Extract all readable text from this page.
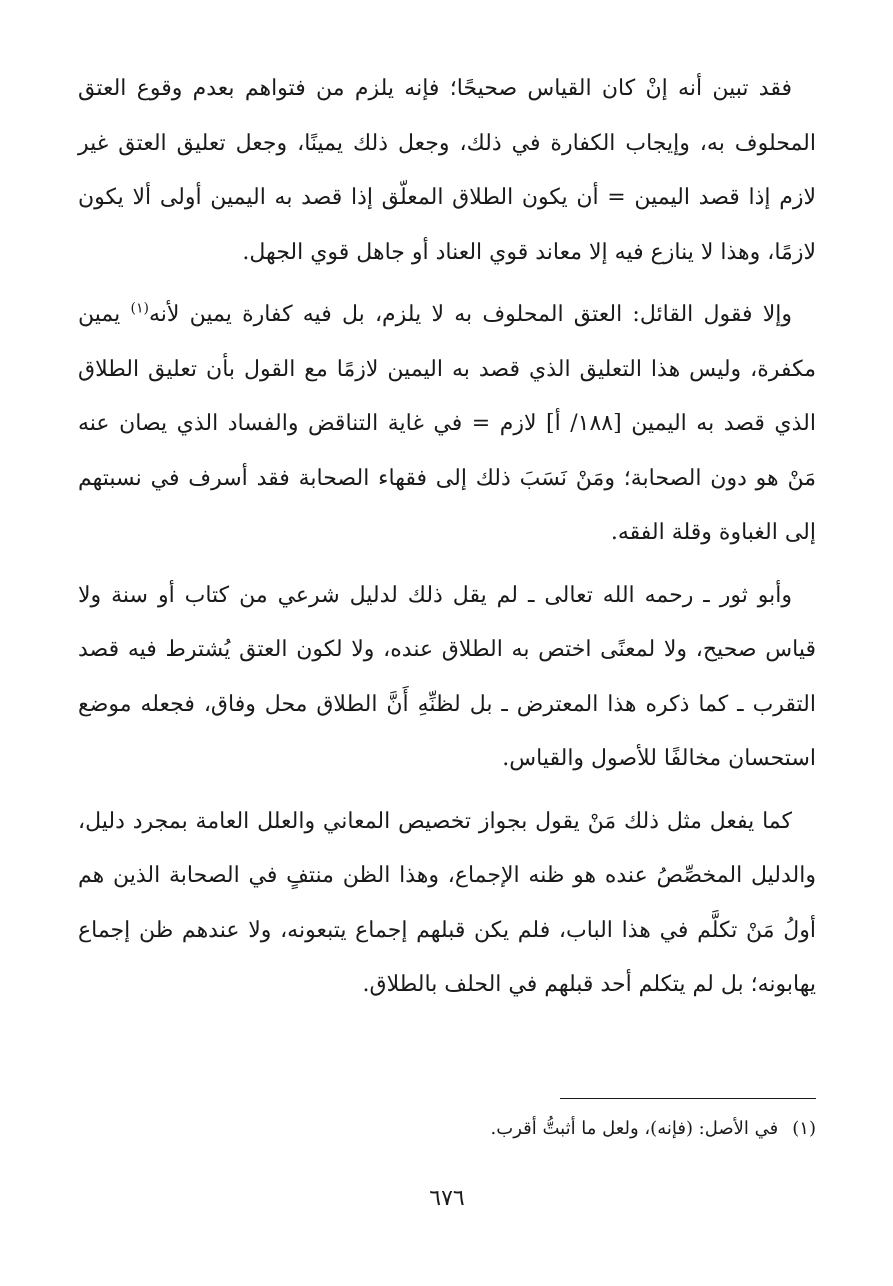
فقد تبين أنه إنْ كان القياس صحيحًا؛ فإنه يلزم من فتواهم بعدم وقوع العتق المحلوف به، وإيجاب الكفارة في ذلك، وجعل ذلك يمينًا، وجعل تعليق العتق غير لازم إذا قصد اليمين = أن يكون الطلاق المعلّق إذا قصد به اليمين أولى ألا يكون لازمًا، وهذا لا ينازع فيه إلا معاند قوي العناد أو جاهل قوي الجهل.

وإلا فقول القائل: العتق المحلوف به لا يلزم، بل فيه كفارة يمين لأنه$^{(١)}$ يمين مكفرة، وليس هذا التعليق الذي قصد به اليمين لازمًا مع القول بأن تعليق الطلاق الذي قصد به اليمين [١٨٨/ أ] لازم = في غاية التناقض والفساد الذي يصان عنه مَنْ هو دون الصحابة؛ ومَنْ نَسَبَ ذلك إلى فقهاء الصحابة فقد أسرف في نسبتهم إلى الغباوة وقلة الفقه.

وأبو ثور ـ رحمه الله تعالى ـ لم يقل ذلك لدليل شرعي من كتاب أو سنة ولا قياس صحيح، ولا لمعنًى اختص به الطلاق عنده، ولا لكون العتق يُشترط فيه قصد التقرب ـ كما ذكره هذا المعترض ـ بل لظنِّهِ أَنَّ الطلاق محل وفاق، فجعله موضع استحسان مخالفًا للأصول والقياس.

كما يفعل مثل ذلك مَنْ يقول بجواز تخصيص المعاني والعلل العامة بمجرد دليل، والدليل المخصِّصُ عنده هو ظنه الإجماع، وهذا الظن منتفٍ في الصحابة الذين هم أولُ مَنْ تكلَّم في هذا الباب، فلم يكن قبلهم إجماع يتبعونه، ولا عندهم ظن إجماع يهابونه؛ بل لم يتكلم أحد قبلهم في الحلف بالطلاق.

(١)في الأصل: (فإنه)، ولعل ما أثبتُّ أقرب.
٦٧٦
